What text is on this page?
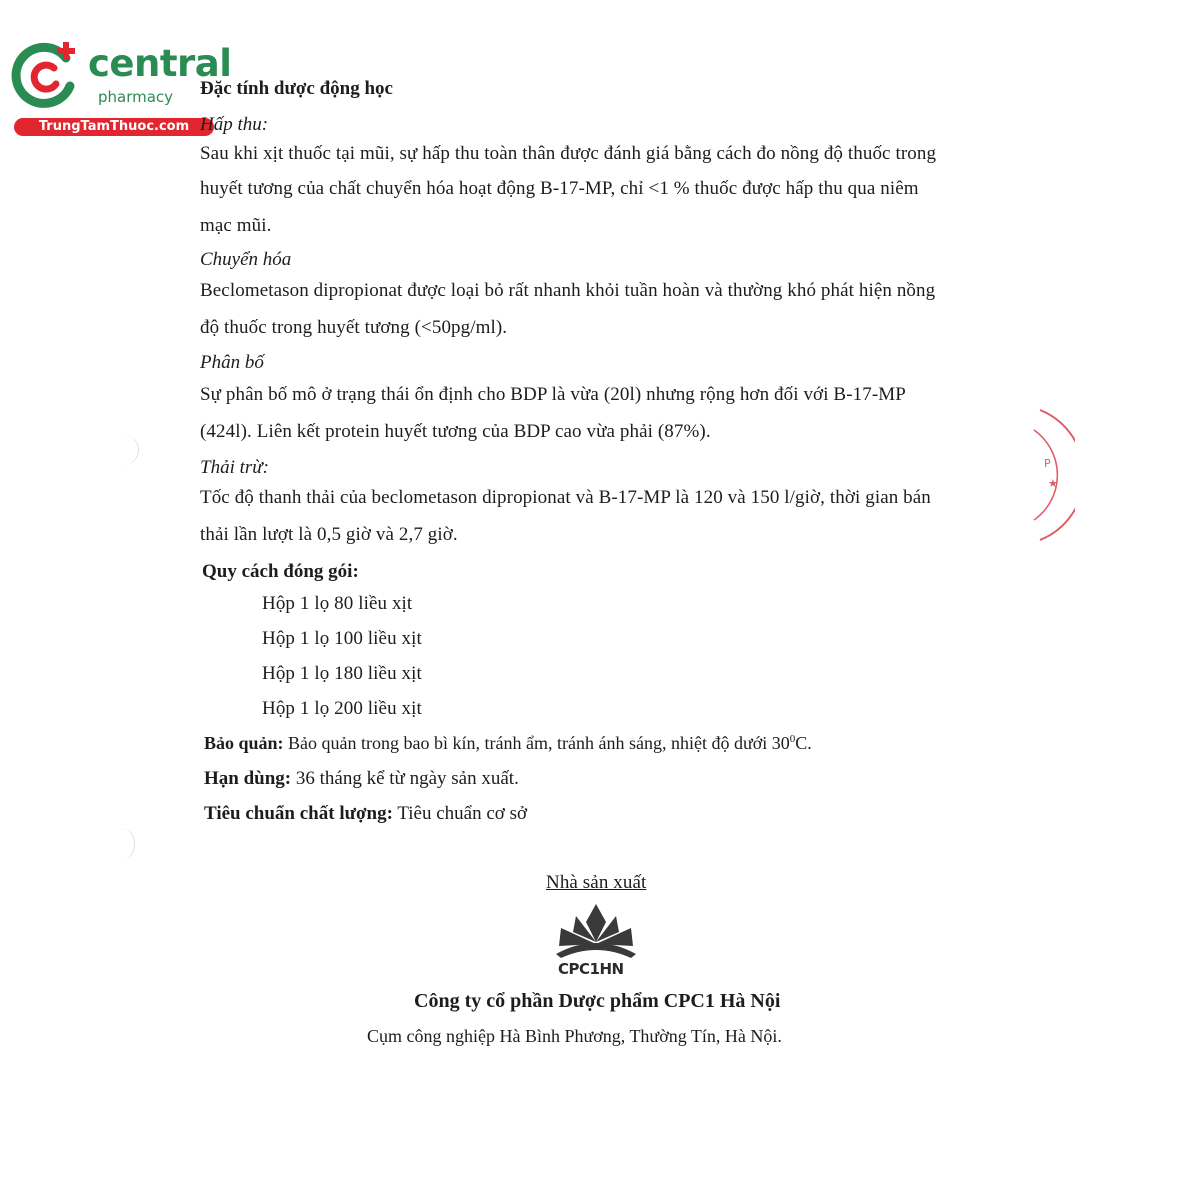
central
pharmacy
TrungTamThuoc.com
P
★
Đặc tính dược động học
Hấp thu:
Sau khi xịt thuốc tại mũi, sự hấp thu toàn thân được đánh giá bằng cách đo nồng độ thuốc trong
huyết tương của chất chuyển hóa hoạt động B-17-MP, chỉ <1 % thuốc được hấp thu qua niêm
mạc mũi.
Chuyển hóa
Beclometason dipropionat được loại bỏ rất nhanh khỏi tuần hoàn và thường khó phát hiện nồng
độ thuốc trong huyết tương (<50pg/ml).
Phân bố
Sự phân bố mô ở trạng thái ổn định cho BDP là vừa (20l) nhưng rộng hơn đối với B-17-MP
(424l). Liên kết protein huyết tương của BDP cao vừa phải (87%).
Thải trừ:
Tốc độ thanh thải của beclometason dipropionat và B-17-MP là 120 và 150 l/giờ, thời gian bán
thải lần lượt là 0,5 giờ và 2,7 giờ.
Quy cách đóng gói:
Hộp 1 lọ 80 liều xịt
Hộp 1 lọ 100 liều xịt
Hộp 1 lọ 180 liều xịt
Hộp 1 lọ 200 liều xịt
Bảo quản: Bảo quản trong bao bì kín, tránh ẩm, tránh ánh sáng, nhiệt độ dưới $30^0C$.
Hạn dùng: 36 tháng kể từ ngày sản xuất.
Tiêu chuẩn chất lượng: Tiêu chuẩn cơ sở
Nhà sản xuất
CPC1HN
Công ty cổ phần Dược phẩm CPC1 Hà Nội
Cụm công nghiệp Hà Bình Phương, Thường Tín, Hà Nội.
